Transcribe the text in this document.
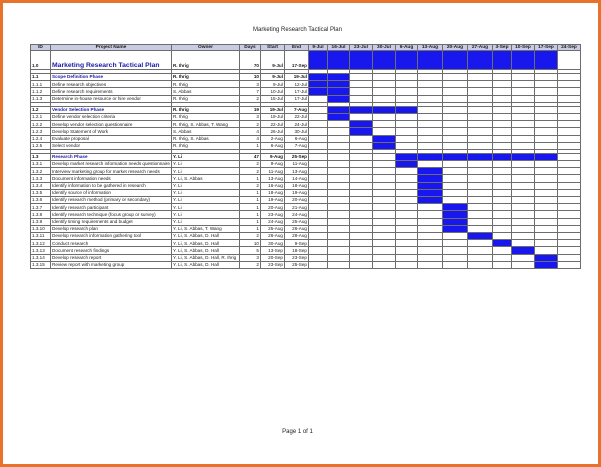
Marketing Research Tactical Plan
ID	Project Name	Owner	Days	Start	End	9-Jul	16-Jul	23-Jul	30-Jul	6-Aug	13-Aug	20-Aug	27-Aug	3-Sep	10-Sep	17-Sep	24-Sep
1.0	Marketing Research Tactical Plan	R. Ihrig	70	9-Jul	17-Sep												

1.1	Scope Definition Phase	R. Ihrig	10	9-Jul	19-Jul												
1.1.1	Define research objectives	R. Ihrig	3	9-Jul	12-Jul												
1.1.2	Define research requirements	S. Abbas	7	10-Jul	17-Jul												
1.1.3	Determine in-house resource or hire vendor	R. Ihrig	2	15-Jul	17-Jul												

1.2	Vendor Selection Phase	R. Ihrig	19	19-Jul	7-Aug												
1.2.1	Define vendor selection criteria	R. Ihrig	3	19-Jul	22-Jul												
1.2.2	Develop vendor selection questionnaire	R. Ihrig, S. Abbas, T. Wang	2	22-Jul	24-Jul												
1.2.3	Develop Statement of Work	S. Abbas	4	26-Jul	30-Jul												
1.2.4	Evaluate proposal	R. Ihrig, S. Abbas	4	2-Aug	6-Aug												
1.2.5	Select vendor	R. Ihrig	1	6-Aug	7-Aug												

1.3	Research Phase	Y. Li	47	9-Aug	25-Sep												
1.3.1	Develop market research information needs questionnaire	Y. Li	2	9-Aug	11-Aug												
1.3.2	Interview marketing group for market research needs	Y. Li	2	11-Aug	13-Aug												
1.3.3	Document information needs	Y. Li, S. Abbas	1	13-Aug	14-Aug												
1.3.4	Identify information to be gathered in research	Y. Li	2	16-Aug	18-Aug												
1.3.5	Identify source of information	Y. Li	1	18-Aug	19-Aug												
1.3.6	Identify research method (primary or secondary)	Y. Li	1	19-Aug	20-Aug												
1.3.7	Identify research participant	Y. Li	1	20-Aug	21-Aug												
1.3.8	Identify research technique (focus group or survey)	Y. Li	1	23-Aug	24-Aug												
1.3.9	Identify timing requirements and budget	Y. Li	1	24-Aug	25-Aug												
1.3.10	Develop research plan	Y. Li, S. Abbas, T. Wang	1	25-Aug	26-Aug												
1.3.11	Develop research information gathering tool	Y. Li, S. Abbas, D. Hall	2	26-Aug	28-Aug												
1.3.12	Conduct research	Y. Li, S. Abbas, D. Hall	10	30-Aug	9-Sep												
1.3.13	Document research findings	Y. Li, S. Abbas, D. Hall	5	13-Sep	18-Sep												
1.3.14	Develop research report	Y. Li, S. Abbas, D. Hall, R. Ihrig	3	20-Sep	23-Sep												
1.3.15	Review report with marketing group	Y. Li, S. Abbas, D. Hall	2	23-Sep	25-Sep												
Page 1 of 1
